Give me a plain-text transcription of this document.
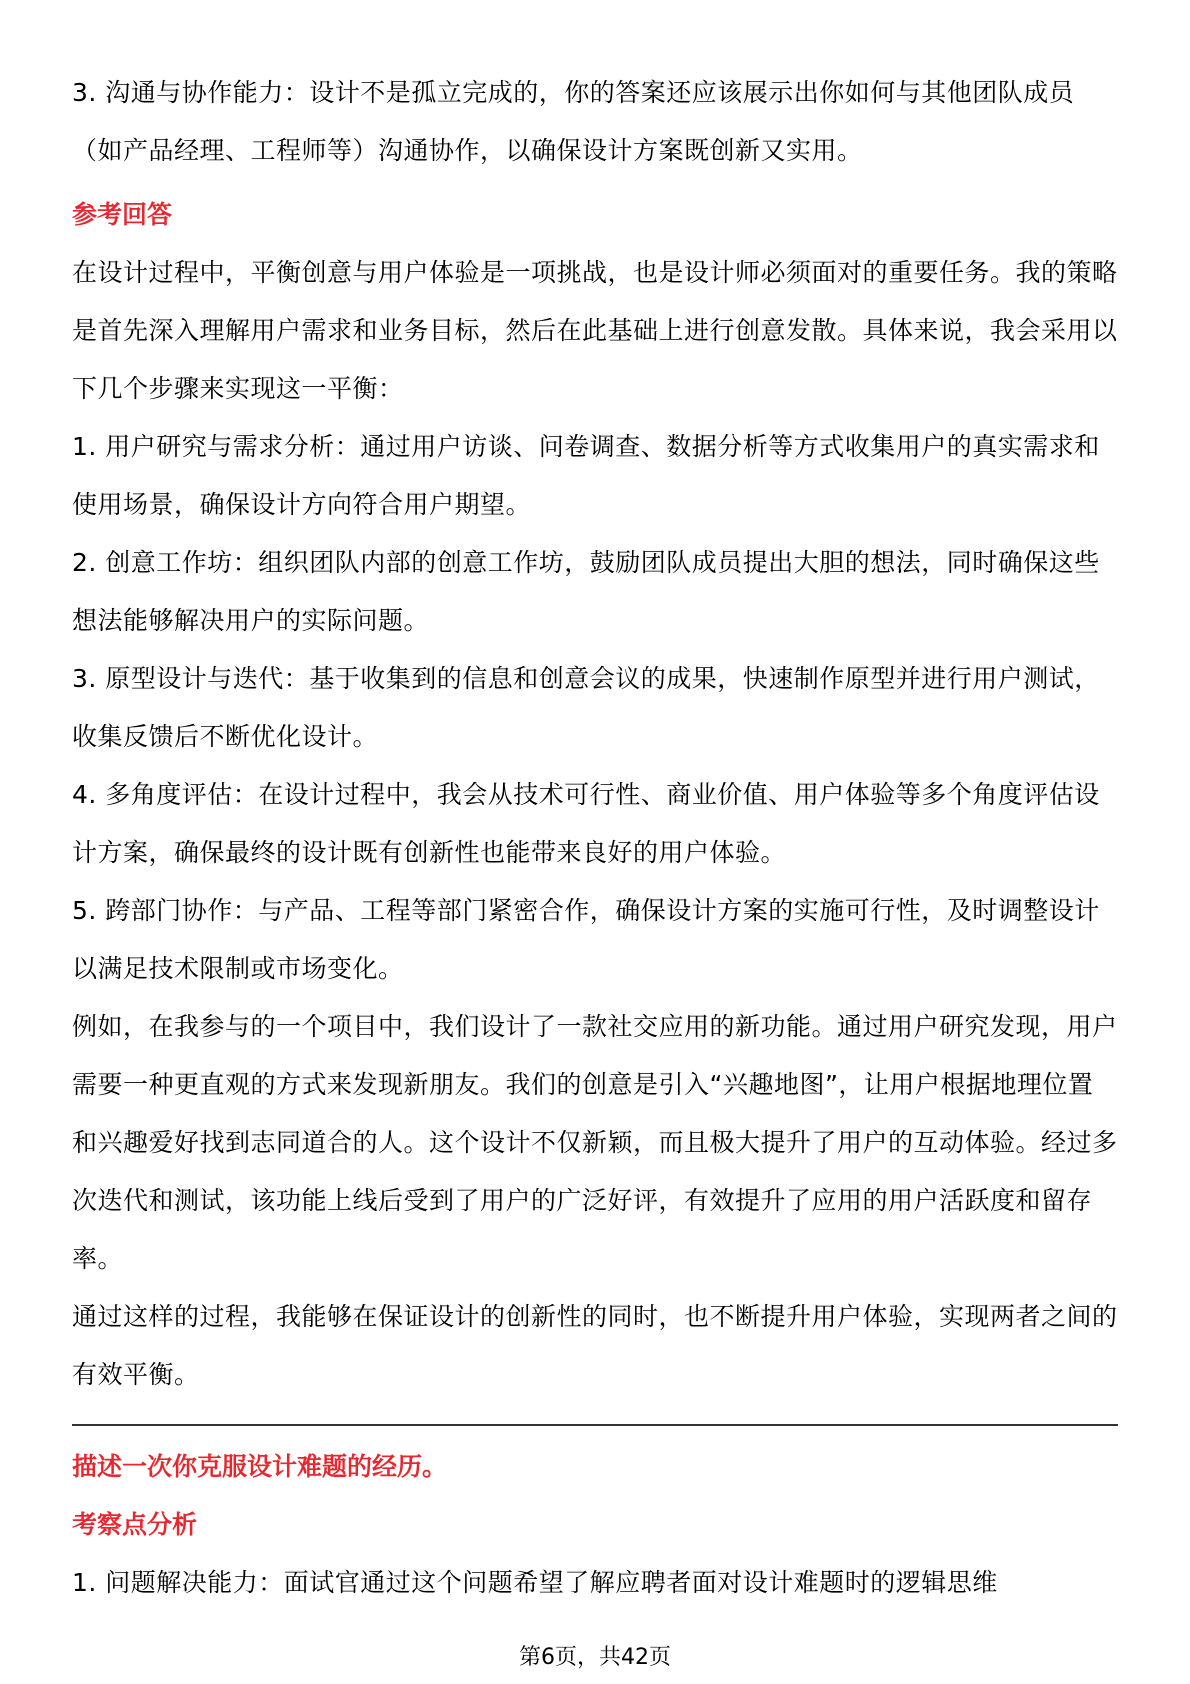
3. 沟通与协作能力：设计不是孤立完成的，你的答案还应该展示出你如何与其他团队成员（如产品经理、工程师等）沟通协作，以确保设计方案既创新又实用。

参考回答

在设计过程中，平衡创意与用户体验是一项挑战，也是设计师必须面对的重要任务。我的策略是首先深入理解用户需求和业务目标，然后在此基础上进行创意发散。具体来说，我会采用以下几个步骤来实现这一平衡：

1. 用户研究与需求分析：通过用户访谈、问卷调查、数据分析等方式收集用户的真实需求和使用场景，确保设计方向符合用户期望。

2. 创意工作坊：组织团队内部的创意工作坊，鼓励团队成员提出大胆的想法，同时确保这些想法能够解决用户的实际问题。

3. 原型设计与迭代：基于收集到的信息和创意会议的成果，快速制作原型并进行用户测试，收集反馈后不断优化设计。

4. 多角度评估：在设计过程中，我会从技术可行性、商业价值、用户体验等多个角度评估设计方案，确保最终的设计既有创新性也能带来良好的用户体验。

5. 跨部门协作：与产品、工程等部门紧密合作，确保设计方案的实施可行性，及时调整设计以满足技术限制或市场变化。

例如，在我参与的一个项目中，我们设计了一款社交应用的新功能。通过用户研究发现，用户需要一种更直观的方式来发现新朋友。我们的创意是引入“兴趣地图”，让用户根据地理位置和兴趣爱好找到志同道合的人。这个设计不仅新颖，而且极大提升了用户的互动体验。经过多次迭代和测试，该功能上线后受到了用户的广泛好评，有效提升了应用的用户活跃度和留存率。

通过这样的过程，我能够在保证设计的创新性的同时，也不断提升用户体验，实现两者之间的有效平衡。

描述一次你克服设计难题的经历。

考察点分析

1. 问题解决能力：面试官通过这个问题希望了解应聘者面对设计难题时的逻辑思维

第6页，共42页
